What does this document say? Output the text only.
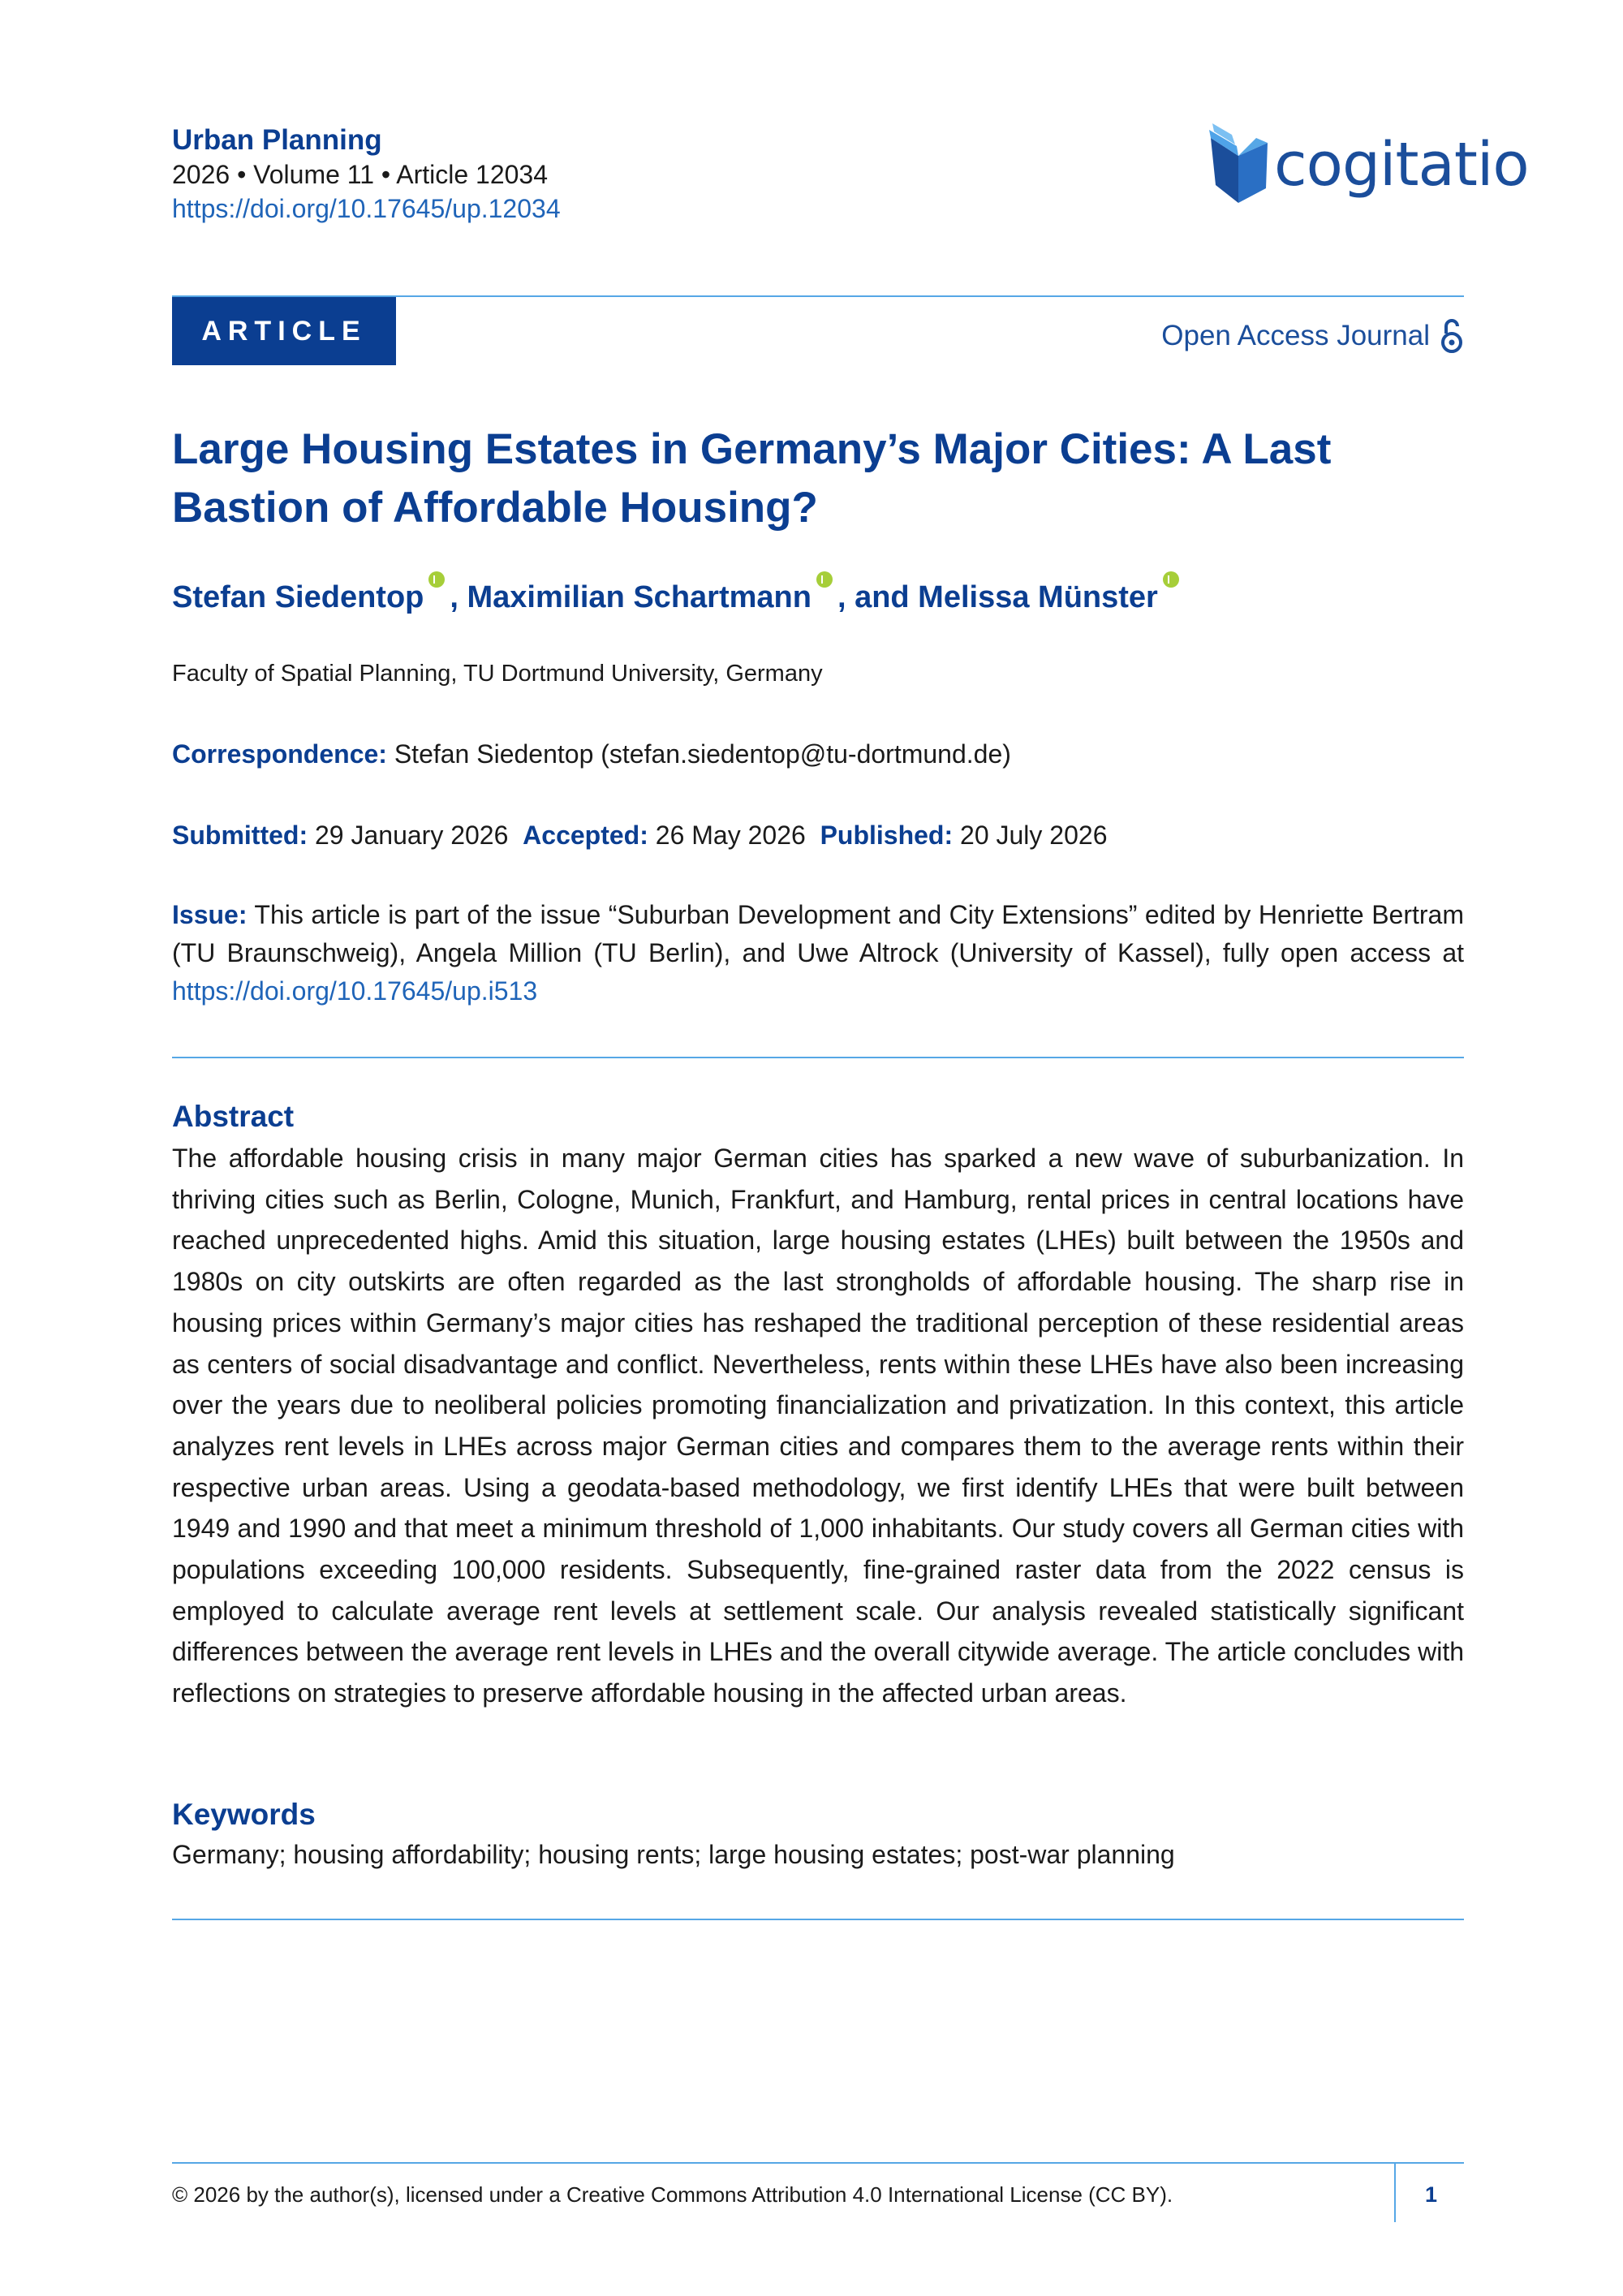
Urban Planning
2026 • Volume 11 • Article 12034
https://doi.org/10.17645/up.12034
cogitatio
ARTICLE	Open Access Journal
Large Housing Estates in Germany’s Major Cities: A Last Bastion of Affordable Housing?
Stefan Siedentop , Maximilian Schartmann , and Melissa Münster
Faculty of Spatial Planning, TU Dortmund University, Germany
Correspondence: Stefan Siedentop (stefan.siedentop@tu-dortmund.de)
Submitted: 29 January 2026 Accepted: 26 May 2026 Published: 20 July 2026
Issue: This article is part of the issue “Suburban Development and City Extensions” edited by Henriette Bertram (TU Braunschweig), Angela Million (TU Berlin), and Uwe Altrock (University of Kassel), fully open access at https://doi.org/10.17645/up.i513
Abstract

The affordable housing crisis in many major German cities has sparked a new wave of suburbanization. In thriving cities such as Berlin, Cologne, Munich, Frankfurt, and Hamburg, rental prices in central locations have reached unprecedented highs. Amid this situation, large housing estates (LHEs) built between the 1950s and 1980s on city outskirts are often regarded as the last strongholds of affordable housing. The sharp rise in housing prices within Germany’s major cities has reshaped the traditional perception of these residential areas as centers of social disadvantage and conflict. Nevertheless, rents within these LHEs have also been increasing over the years due to neoliberal policies promoting financialization and privatization. In this context, this article analyzes rent levels in LHEs across major German cities and compares them to the average rents within their respective urban areas. Using a geodata-based methodology, we first identify LHEs that were built between 1949 and 1990 and that meet a minimum threshold of 1,000 inhabitants. Our study covers all German cities with populations exceeding 100,000 residents. Subsequently, fine-grained raster data from the 2022 census is employed to calculate average rent levels at settlement scale. Our analysis revealed statistically significant differences between the average rent levels in LHEs and the overall citywide average. The article concludes with reflections on strategies to preserve affordable housing in the affected urban areas.

Keywords
Germany; housing affordability; housing rents; large housing estates; post-war planning
© 2026 by the author(s), licensed under a Creative Commons Attribution 4.0 International License (CC BY).	1
